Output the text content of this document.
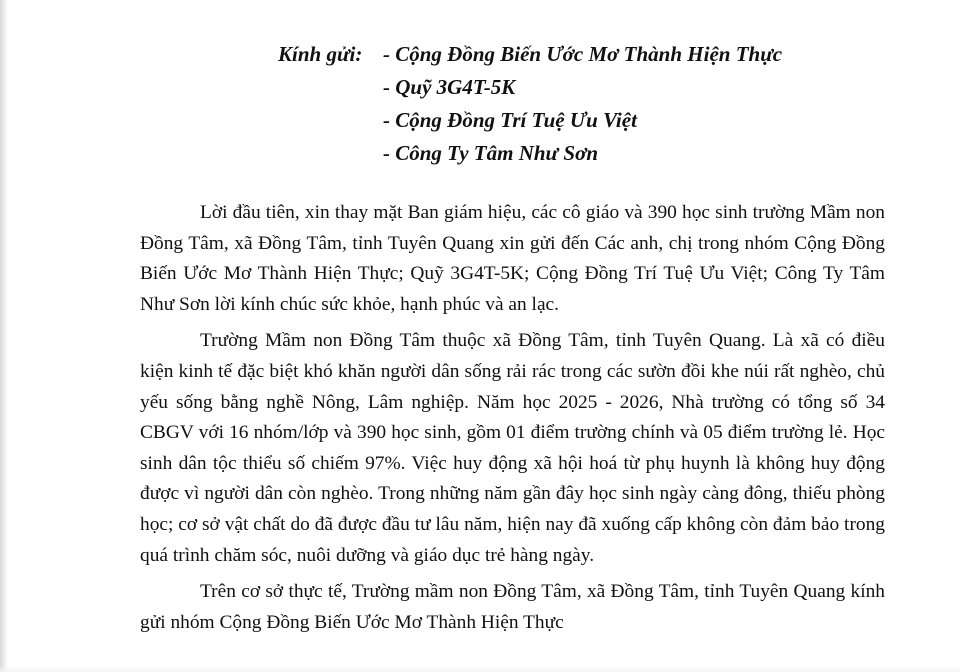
Kính gửi: - Cộng Đồng Biến Ước Mơ Thành Hiện Thực
- Quỹ 3G4T-5K
- Cộng Đồng Trí Tuệ Ưu Việt
- Công Ty Tâm Như Sơn

Lời đầu tiên, xin thay mặt Ban giám hiệu, các cô giáo và 390 học sinh trường Mầm non Đồng Tâm, xã Đồng Tâm, tỉnh Tuyên Quang xin gửi đến Các anh, chị trong nhóm Cộng Đồng Biến Ước Mơ Thành Hiện Thực; Quỹ 3G4T-5K; Cộng Đồng Trí Tuệ Ưu Việt; Công Ty Tâm Như Sơn lời kính chúc sức khỏe, hạnh phúc và an lạc.

Trường Mầm non Đồng Tâm thuộc xã Đồng Tâm, tỉnh Tuyên Quang. Là xã có điều kiện kinh tế đặc biệt khó khăn người dân sống rải rác trong các sườn đồi khe núi rất nghèo, chủ yếu sống bằng nghề Nông, Lâm nghiệp. Năm học 2025 - 2026, Nhà trường có tổng số 34 CBGV với 16 nhóm/lớp và 390 học sinh, gồm 01 điểm trường chính và 05 điểm trường lẻ. Học sinh dân tộc thiểu số chiếm 97%. Việc huy động xã hội hoá từ phụ huynh là không huy động được vì người dân còn nghèo. Trong những năm gần đây học sinh ngày càng đông, thiếu phòng học; cơ sở vật chất do đã được đầu tư lâu năm, hiện nay đã xuống cấp không còn đảm bảo trong quá trình chăm sóc, nuôi dưỡng và giáo dục trẻ hàng ngày.

Trên cơ sở thực tế, Trường mầm non Đồng Tâm, xã Đồng Tâm, tỉnh Tuyên Quang kính gửi nhóm Cộng Đồng Biến Ước Mơ Thành Hiện Thực
